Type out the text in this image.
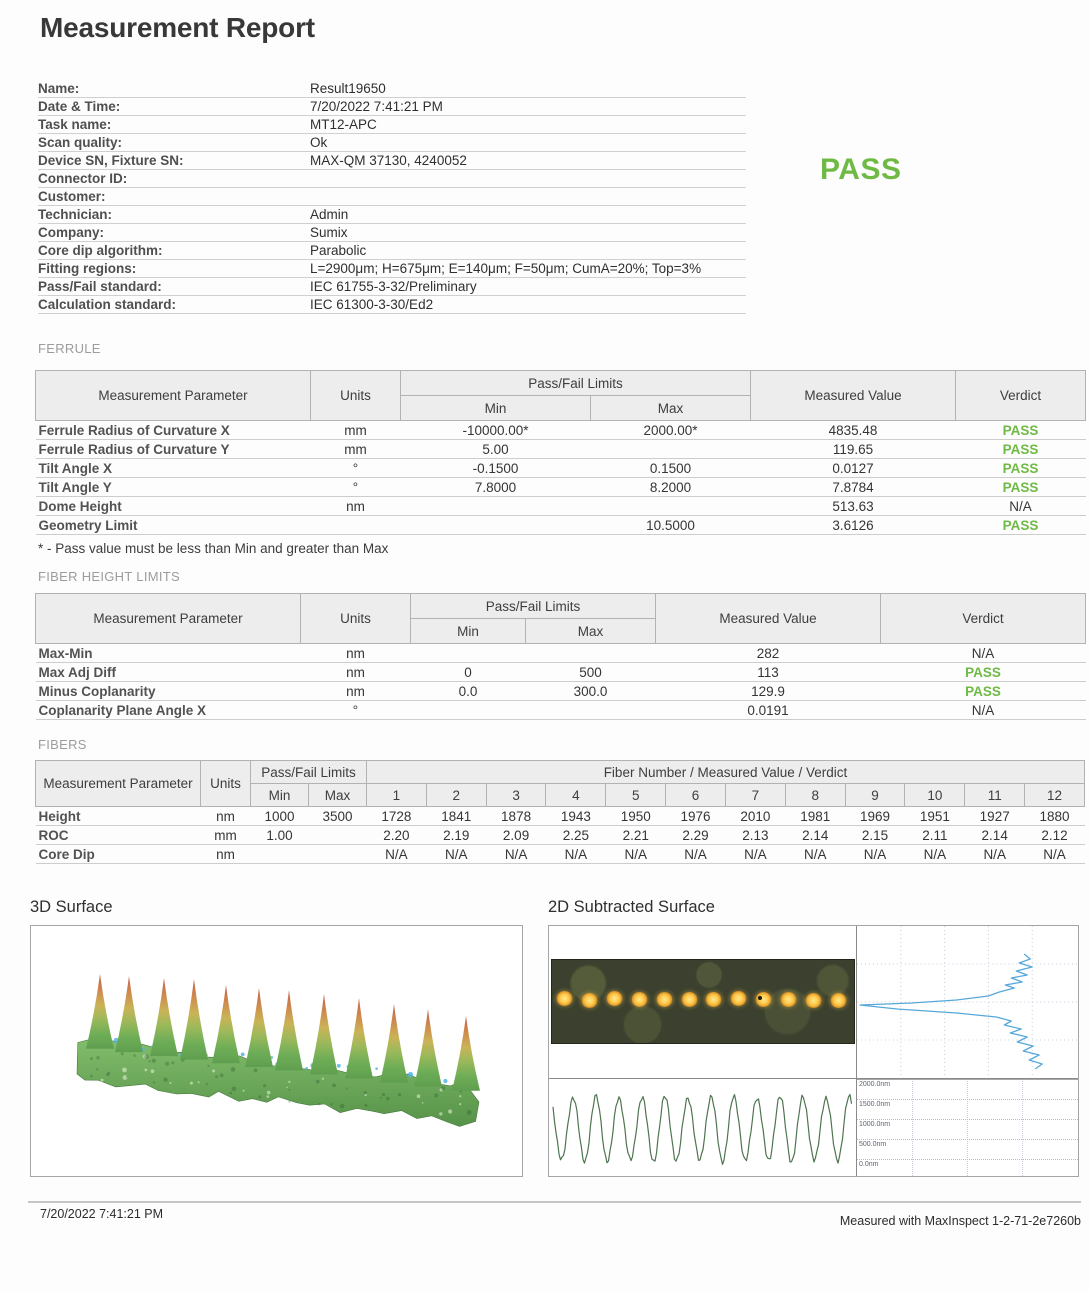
Measurement Report
Name:	Result19650
Date & Time:	7/20/2022 7:41:21 PM
Task name:	MT12-APC
Scan quality:	Ok
Device SN, Fixture SN:	MAX-QM 37130, 4240052
Connector ID:	
Customer:	
Technician:	Admin
Company:	Sumix
Core dip algorithm:	Parabolic
Fitting regions:	L=2900μm; H=675μm; E=140μm; F=50μm; CumA=20%; Top=3%
Pass/Fail standard:	IEC 61755-3-32/Preliminary
Calculation standard:	IEC 61300-3-30/Ed2
PASS
FERRULE
Measurement Parameter	Units	Pass/Fail Limits		Measured Value	Verdict
		Min	Max		
Ferrule Radius of Curvature X	mm	-10000.00*	2000.00*	4835.48	PASS
Ferrule Radius of Curvature Y	mm	5.00		119.65	PASS
Tilt Angle X	°	-0.1500	0.1500	0.0127	PASS
Tilt Angle Y	°	7.8000	8.2000	7.8784	PASS
Dome Height	nm			513.63	N/A
Geometry Limit			10.5000	3.6126	PASS
* - Pass value must be less than Min and greater than Max
FIBER HEIGHT LIMITS
Measurement Parameter	Units	Pass/Fail Limits		Measured Value	Verdict
		Min	Max		
Max-Min	nm			282	N/A
Max Adj Diff	nm	0	500	113	PASS
Minus Coplanarity	nm	0.0	300.0	129.9	PASS
Coplanarity Plane Angle X	°			0.0191	N/A
FIBERS
Measurement Parameter	Units	Pass/Fail Limits		Fiber Number / Measured Value / Verdict											
		Min	Max	1	2	3	4	5	6	7	8	9	10	11	12
Height	nm	1000	3500	1728	1841	1878	1943	1950	1976	2010	1981	1969	1951	1927	1880
ROC	mm	1.00		2.20	2.19	2.09	2.25	2.21	2.29	2.13	2.14	2.15	2.11	2.14	2.12
Core Dip	nm			N/A	N/A	N/A	N/A	N/A	N/A	N/A	N/A	N/A	N/A	N/A	N/A
3D Surface	2D Subtracted Surface
2000.0nm
1500.0nm
1000.0nm
500.0nm
0.0nm
7/20/2022 7:41:21 PM	Measured with MaxInspect 1-2-71-2e7260b
